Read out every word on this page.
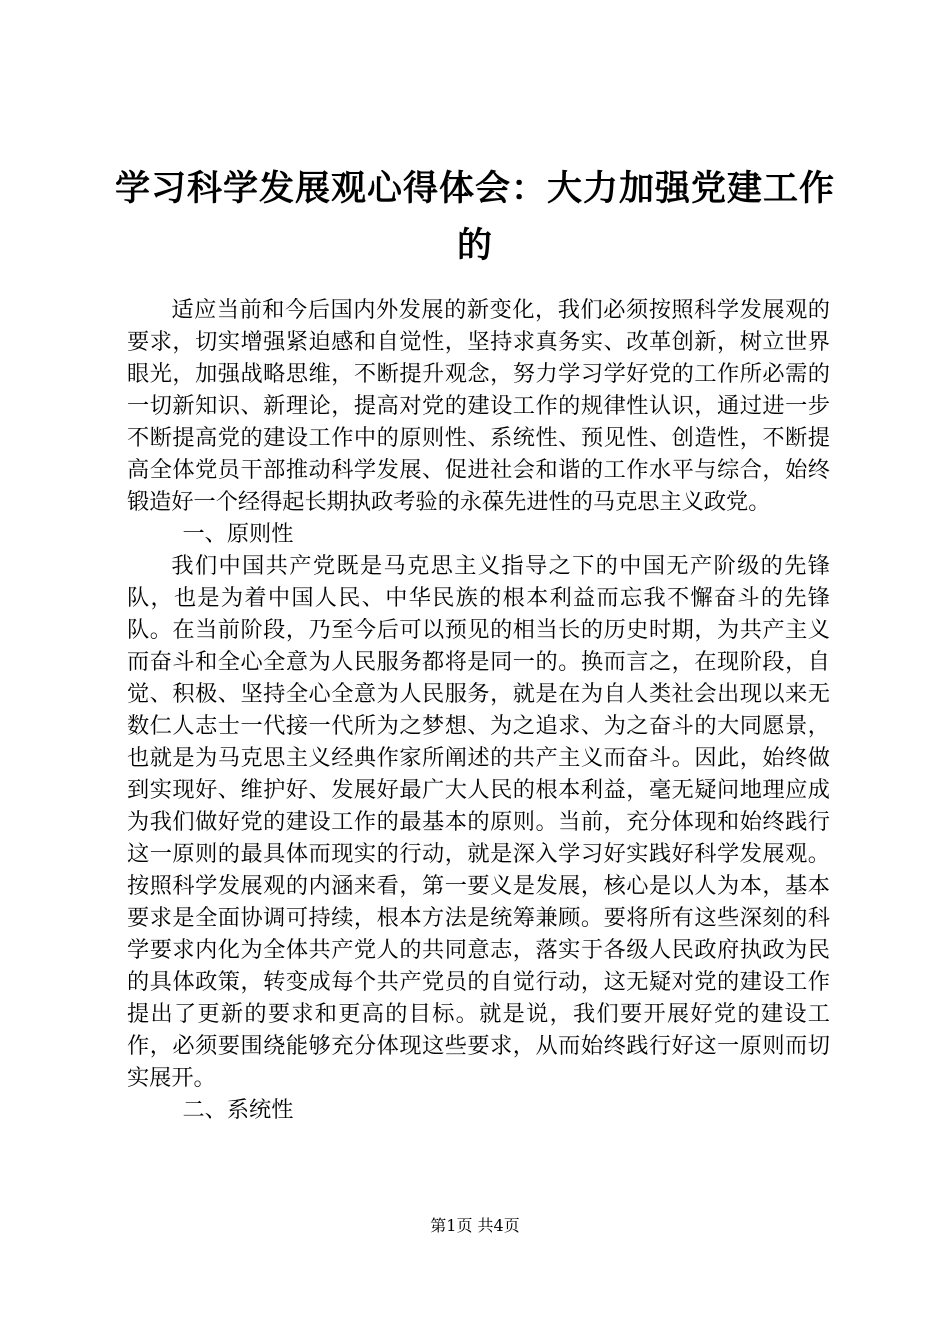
学习科学发展观心得体会：大力加强党建工作的

适应当前和今后国内外发展的新变化，我们必须按照科学发展观的要求，切实增强紧迫感和自觉性，坚持求真务实、改革创新，树立世界眼光，加强战略思维，不断提升观念，努力学习学好党的工作所必需的一切新知识、新理论，提高对党的建设工作的规律性认识，通过进一步不断提高党的建设工作中的原则性、系统性、预见性、创造性，不断提高全体党员干部推动科学发展、促进社会和谐的工作水平与综合，始终锻造好一个经得起长期执政考验的永葆先进性的马克思主义政党。

一、原则性

我们中国共产党既是马克思主义指导之下的中国无产阶级的先锋队，也是为着中国人民、中华民族的根本利益而忘我不懈奋斗的先锋队。在当前阶段，乃至今后可以预见的相当长的历史时期，为共产主义而奋斗和全心全意为人民服务都将是同一的。换而言之，在现阶段，自觉、积极、坚持全心全意为人民服务，就是在为自人类社会出现以来无数仁人志士一代接一代所为之梦想、为之追求、为之奋斗的大同愿景，也就是为马克思主义经典作家所阐述的共产主义而奋斗。因此，始终做到实现好、维护好、发展好最广大人民的根本利益，毫无疑问地理应成为我们做好党的建设工作的最基本的原则。当前，充分体现和始终践行这一原则的最具体而现实的行动，就是深入学习好实践好科学发展观。按照科学发展观的内涵来看，第一要义是发展，核心是以人为本，基本要求是全面协调可持续，根本方法是统筹兼顾。要将所有这些深刻的科学要求内化为全体共产党人的共同意志，落实于各级人民政府执政为民的具体政策，转变成每个共产党员的自觉行动，这无疑对党的建设工作提出了更新的要求和更高的目标。就是说，我们要开展好党的建设工作，必须要围绕能够充分体现这些要求，从而始终践行好这一原则而切实展开。

二、系统性

第1页 共4页
